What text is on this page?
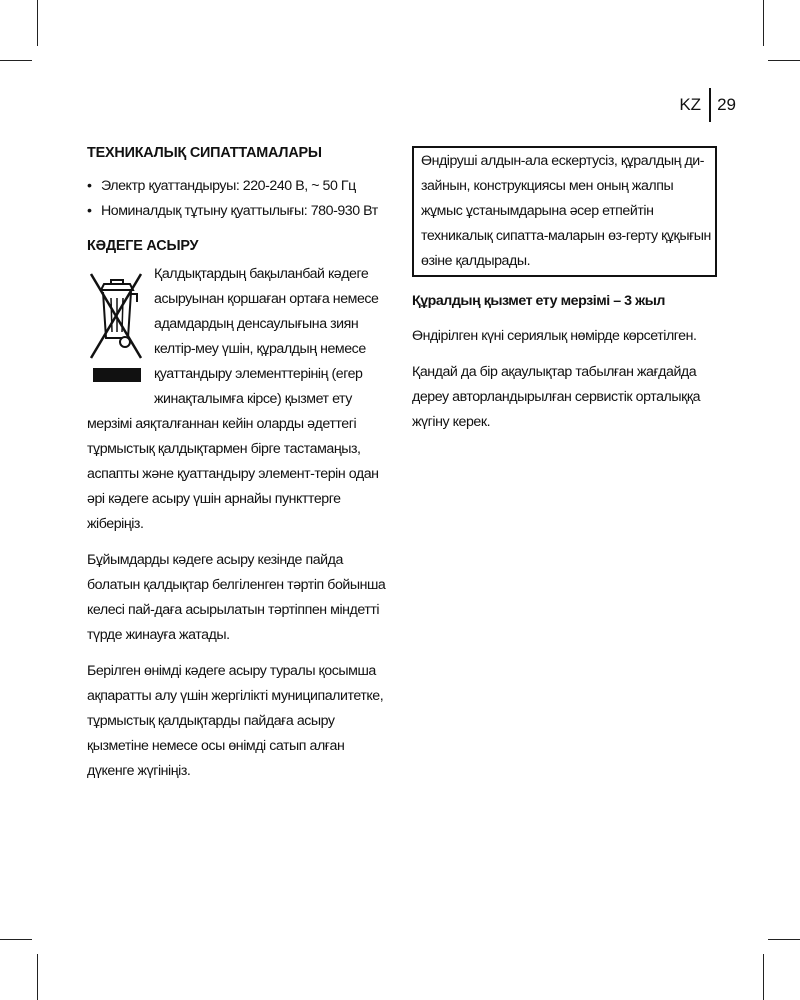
KZ 29
ТЕХНИКАЛЫҚ СИПАТТАМАЛАРЫ
• Электр қуаттандыруы: 220-240 В, ~ 50 Гц
• Номиналдық тұтыну қуаттылығы: 780-930 Вт
КӘДЕГЕ АСЫРУ

Қалдықтардың бақыланбай кәдеге асыруынан қоршаған ортаға немесе адамдардың денсаулығына зиян келтір-меу үшін, құралдың немесе қуаттандыру элементтерінің (егер жинақталымға кірсе) қызмет ету мерзімі аяқталғаннан кейін оларды әдеттегі тұрмыстық қалдықтармен бірге тастамаңыз, аспапты және қуаттандыру элемент-терін одан әрі кәдеге асыру үшін арнайы пункттерге жіберіңіз.

Бұйымдарды кәдеге асыру кезінде пайда болатын қалдықтар белгіленген тәртіп бойынша келесі пай-даға асырылатын тәртіппен міндетті түрде жинауға жатады.

Берілген өнімді кәдеге асыру туралы қосымша ақпаратты алу үшін жергілікті муниципалитетке, тұрмыстық қалдықтарды пайдаға асыру қызметіне немесе осы өнімді сатып алған дүкенге жүгініңіз.

Өндіруші алдын-ала ескертусіз, құралдың ди-зайнын, конструкциясы мен оның жалпы жұмыс ұстанымдарына әсер етпейтін техникалық сипатта-маларын өз-герту құқығын өзіне қалдырады.

Құралдың қызмет ету мерзімі – 3 жыл

Өндірілген күні сериялық нөмірде көрсетілген.

Қандай да бір ақаулықтар табылған жағдайда дереу авторландырылған сервистік орталыққа жүгіну керек.
